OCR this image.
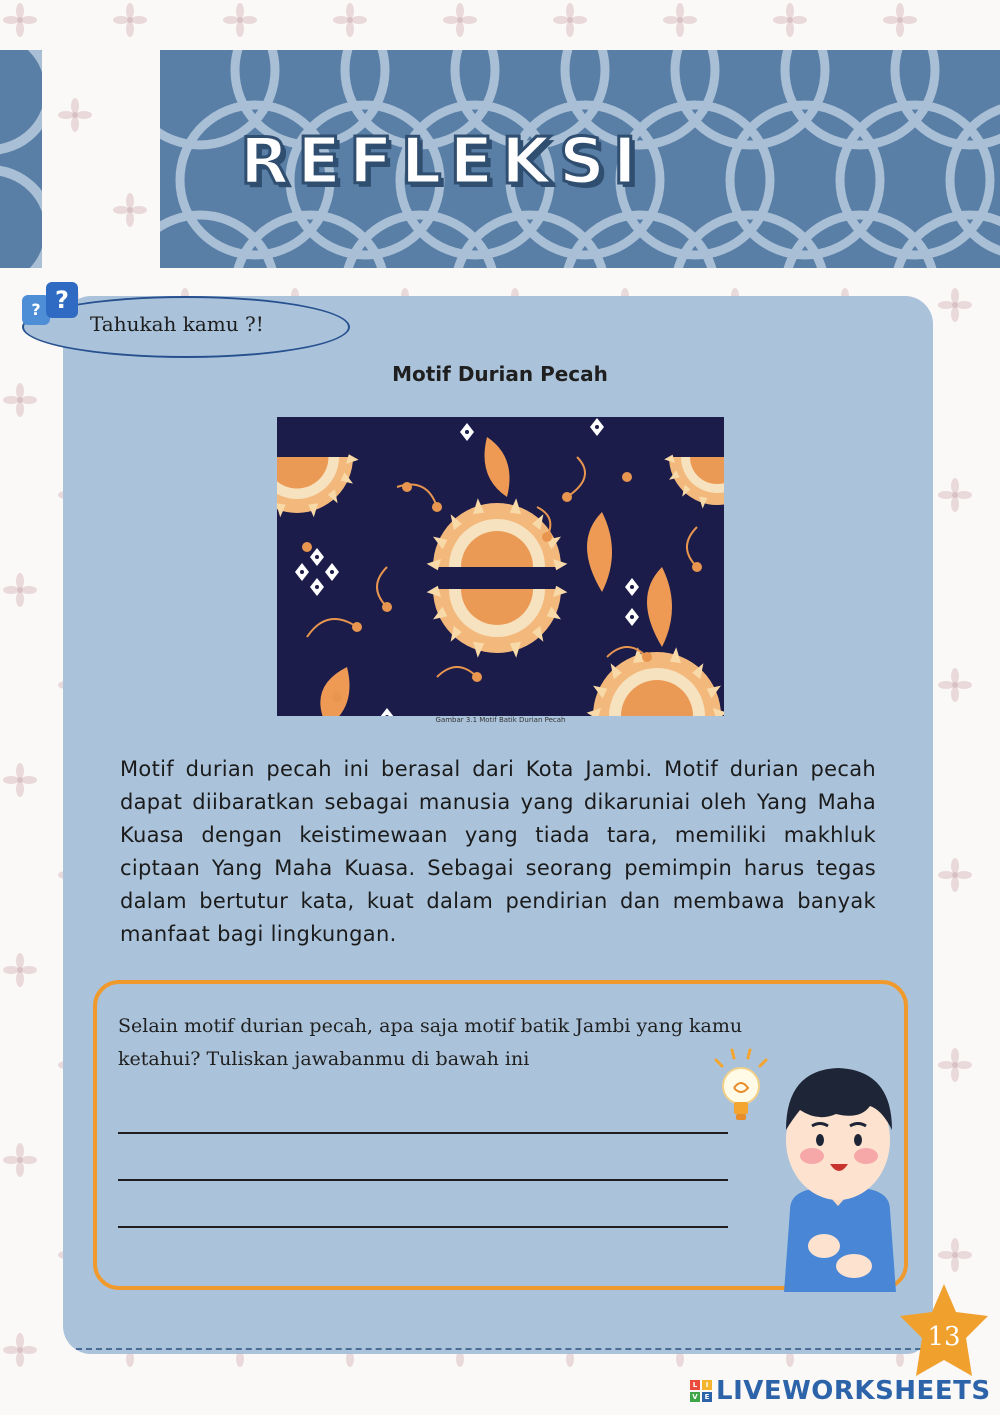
REFLEKSI
? ?
Tahukah kamu ?!
Motif Durian Pecah
Gambar 3.1 Motif Batik Durian Pecah
Motif durian pecah ini berasal dari Kota Jambi. Motif durian pecah dapat diibaratkan sebagai manusia yang dikaruniai oleh Yang Maha Kuasa dengan keistimewaan yang tiada tara, memiliki makhluk ciptaan Yang Maha Kuasa. Sebagai seorang pemimpin harus tegas dalam bertutur kata, kuat dalam pendirian dan membawa banyak manfaat bagi lingkungan.
Selain motif durian pecah, apa saja motif batik Jambi yang kamu ketahui? Tuliskan jawabanmu di bawah ini
13
L	I
V E LIVEWORKSHEETS
